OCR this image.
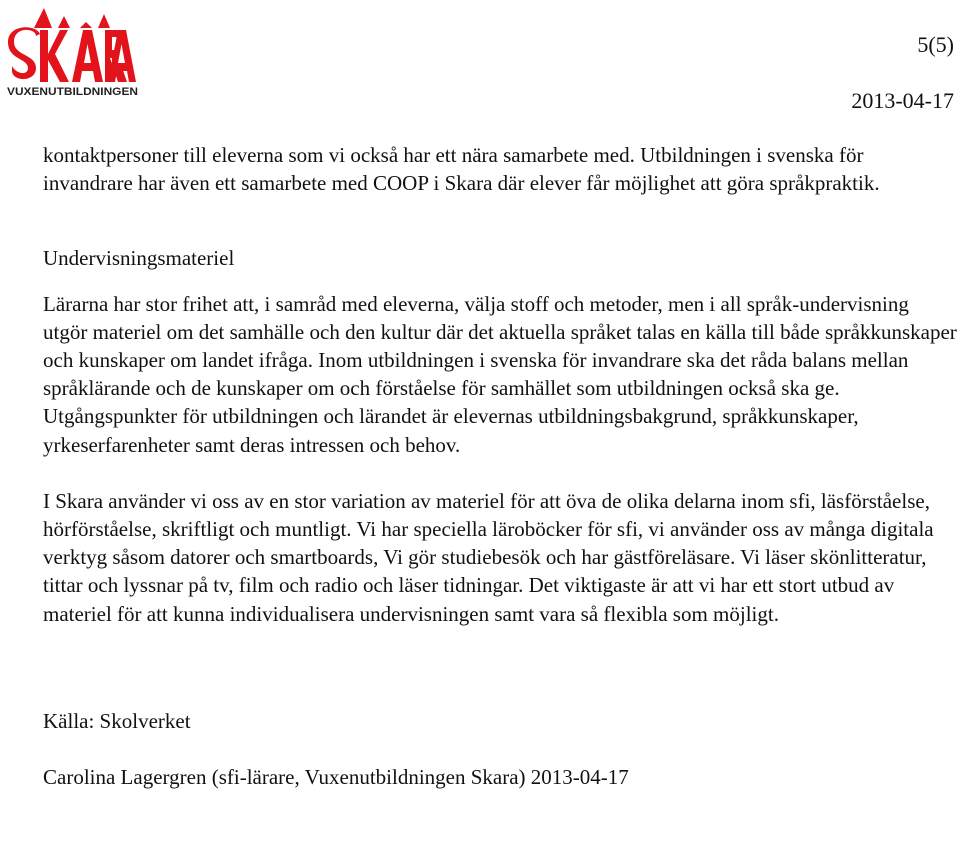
VUXENUTBILDNINGEN
5(5)
2013-04-17

kontaktpersoner till eleverna som vi också har ett nära samarbete med. Utbildningen i svenska för invandrare har även ett samarbete med COOP i Skara där elever får möjlighet att göra språkpraktik.

Undervisningsmateriel

Lärarna har stor frihet att, i samråd med eleverna, välja stoff och metoder, men i all språk-undervisning utgör materiel om det samhälle och den kultur där det aktuella språket talas en källa till både språkkunskaper och kunskaper om landet ifråga. Inom utbildningen i svenska för invandrare ska det råda balans mellan språklärande och de kunskaper om och förståelse för samhället som utbildningen också ska ge. Utgångspunkter för utbildningen och lärandet är elevernas utbildningsbakgrund, språkkunskaper, yrkeserfarenheter samt deras intressen och behov.

I Skara använder vi oss av en stor variation av materiel för att öva de olika delarna inom sfi, läsförståelse, hörförståelse, skriftligt och muntligt. Vi har speciella läroböcker för sfi, vi använder oss av många digitala verktyg såsom datorer och smartboards, Vi gör studiebesök och har gästföreläsare. Vi läser skönlitteratur, tittar och lyssnar på tv, film och radio och läser tidningar. Det viktigaste är att vi har ett stort utbud av materiel för att kunna individualisera undervisningen samt vara så flexibla som möjligt.

Källa: Skolverket

Carolina Lagergren (sfi-lärare, Vuxenutbildningen Skara) 2013-04-17
